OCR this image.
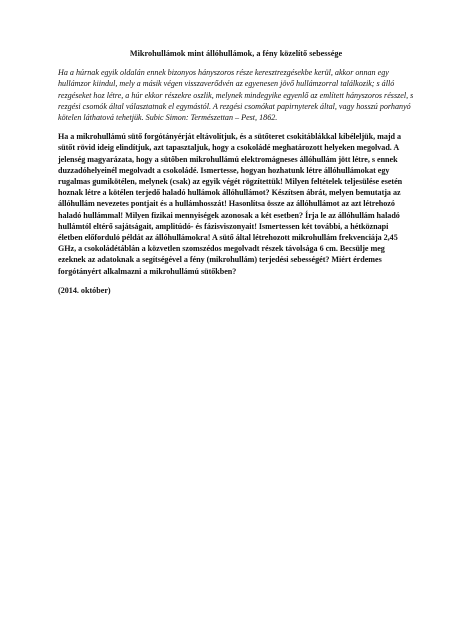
Mikrohullámok mint állóhullámok, a fény közelítő sebessége

Ha a húrnak egyik oldalán ennek bizonyos hányszoros része keresztrezgésekbe kerül, akkor onnan egy hullámzor kiindul, mely a másik végen visszaverődvén az egyenesen jövő hullámzorral találkozik; s álló rezgéseket hoz létre, a húr ekkor részekre oszlik, melynek mindegyike egyenlő az említett hányszoros résszel, s rezgési csomók által választatnak el egymástól. A rezgési csomókat papirnyterek által, vagy hosszú porhanyó kötelen láthatová tehetjük. Subic Simon: Természettan – Pest, 1862.

Ha a mikrohullámú sütő forgótányérját eltávolítjuk, és a sütőteret csokitáblákkal kibéleljük, majd a sütőt rövid ideig elindítjuk, azt tapasztaljuk, hogy a csokoládé meghatározott helyeken megolvad. A jelenség magyarázata, hogy a sütőben mikrohullámú elektromágneses állóhullám jött létre, s ennek duzzadóhelyeinél megolvadt a csokoládé. Ismertesse, hogyan hozhatunk létre állóhullámokat egy rugalmas gumikötélen, melynek (csak) az egyik végét rögzítettük! Milyen feltételek teljesülése esetén hoznak létre a kötélen terjedő haladó hullámok állóhullámot? Készítsen ábrát, melyen bemutatja az állóhullám nevezetes pontjait és a hullámhosszát! Hasonlítsa össze az állóhullámot az azt létrehozó haladó hullámmal! Milyen fizikai mennyiségek azonosak a két esetben? Írja le az állóhullám haladó hullámtól eltérő sajátságait, amplitúdó- és fázisviszonyait! Ismertessen két további, a hétköznapi életben előforduló példát az állóhullámokra! A sütő által létrehozott mikrohullám frekvenciája 2,45 GHz, a csokoládétáblán a közvetlen szomszédos megolvadt részek távolsága 6 cm. Becsülje meg ezeknek az adatoknak a segítségével a fény (mikrohullám) terjedési sebességét? Miért érdemes forgótányért alkalmazni a mikrohullámú sütőkben?

(2014. október)
